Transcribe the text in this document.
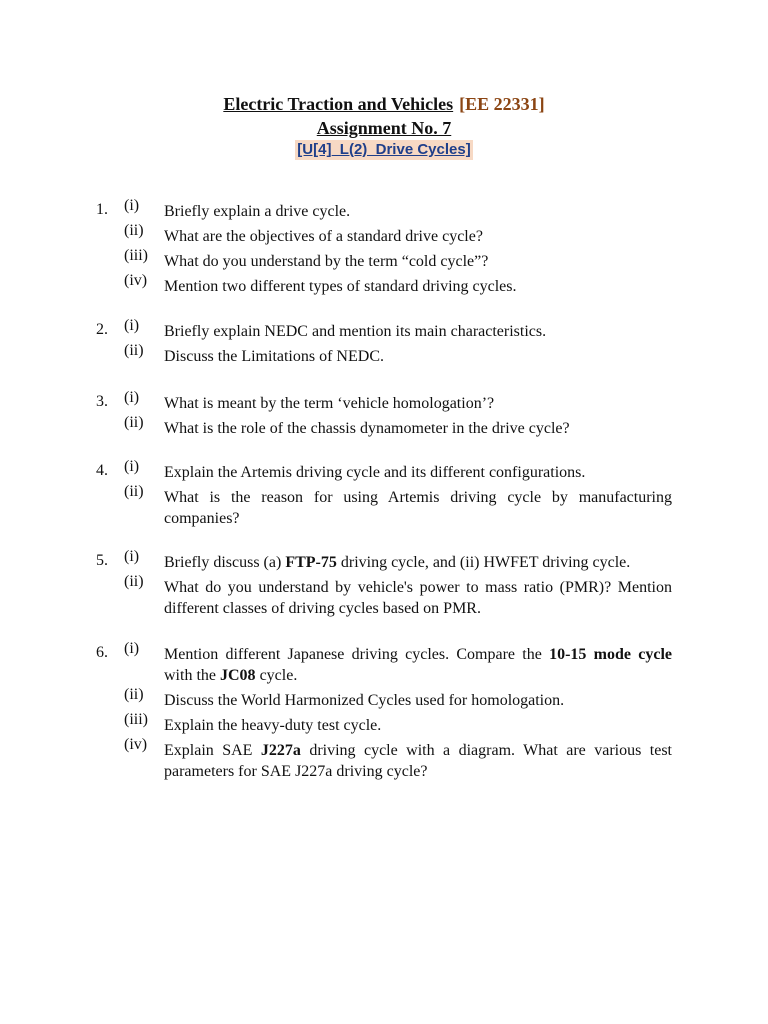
Electric Traction and Vehicles [EE 22331]
Assignment No. 7
[U[4]_L(2)_Drive Cycles]
1. (i) Briefly explain a drive cycle.
(ii) What are the objectives of a standard drive cycle?
(iii) What do you understand by the term “cold cycle”?
(iv) Mention two different types of standard driving cycles.
2. (i) Briefly explain NEDC and mention its main characteristics.
(ii) Discuss the Limitations of NEDC.
3. (i) What is meant by the term ‘vehicle homologation’?
(ii) What is the role of the chassis dynamometer in the drive cycle?
4. (i) Explain the Artemis driving cycle and its different configurations.
(ii) What is the reason for using Artemis driving cycle by manufacturing companies?
5. (i) Briefly discuss (a) FTP-75 driving cycle, and (ii) HWFET driving cycle.
(ii) What do you understand by vehicle's power to mass ratio (PMR)? Mention different classes of driving cycles based on PMR.
6. (i) Mention different Japanese driving cycles. Compare the 10-15 mode cycle with the JC08 cycle.
(ii) Discuss the World Harmonized Cycles used for homologation.
(iii) Explain the heavy-duty test cycle.
(iv) Explain SAE J227a driving cycle with a diagram. What are various test parameters for SAE J227a driving cycle?
